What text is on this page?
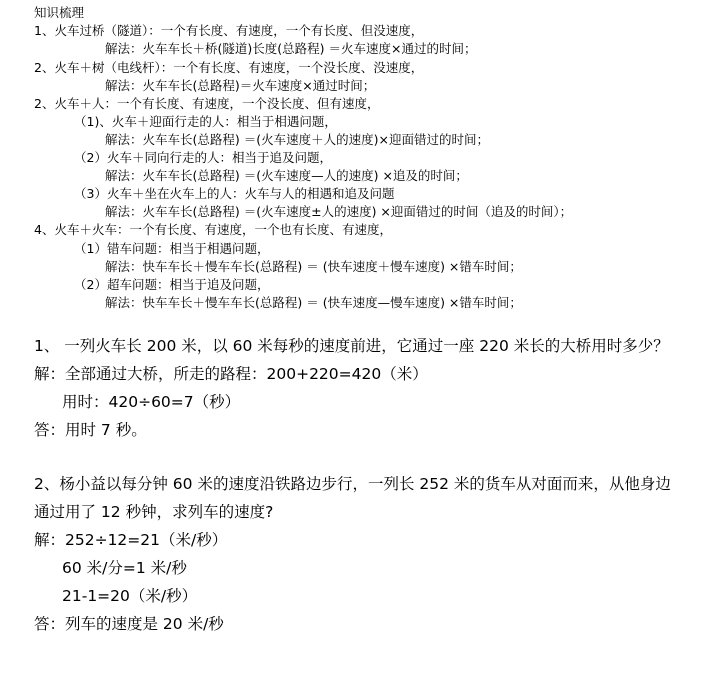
知识梳理
1、火车过桥（隧道）：一个有长度、有速度，一个有长度、但没速度，
解法：火车车长＋桥(隧道)长度(总路程) ＝火车速度×通过的时间；
2、火车＋树（电线杆）：一个有长度、有速度，一个没长度、没速度，
解法：火车车长(总路程)＝火车速度×通过时间；
2、火车＋人：一个有长度、有速度，一个没长度、但有速度，
（1)、火车＋迎面行走的人：相当于相遇问题，
解法：火车车长(总路程) ＝(火车速度＋人的速度)×迎面错过的时间；
（2）火车＋同向行走的人：相当于追及问题，
解法：火车车长(总路程) ＝(火车速度—人的速度) ×追及的时间；
（3）火车＋坐在火车上的人：火车与人的相遇和追及问题
解法：火车车长(总路程) ＝(火车速度±人的速度) ×迎面错过的时间（追及的时间）；
4、火车＋火车：一个有长度、有速度，一个也有长度、有速度，
（1）错车问题：相当于相遇问题，
解法：快车车长＋慢车车长(总路程) ＝ (快车速度＋慢车速度) ×错车时间；
（2）超车问题：相当于追及问题，
解法：快车车长＋慢车车长(总路程) ＝ (快车速度—慢车速度) ×错车时间；
1、 一列火车长 200 米，以 60 米每秒的速度前进，它通过一座 220 米长的大桥用时多少？
解：全部通过大桥，所走的路程：200+220=420（米）
用时：420÷60=7（秒）
答：用时 7 秒。
2、杨小益以每分钟 60 米的速度沿铁路边步行，一列长 252 米的货车从对面而来，从他身边
通过用了 12 秒钟，求列车的速度?
解：252÷12=21（米/秒）
60 米/分=1 米/秒
21-1=20（米/秒）
答：列车的速度是 20 米/秒
